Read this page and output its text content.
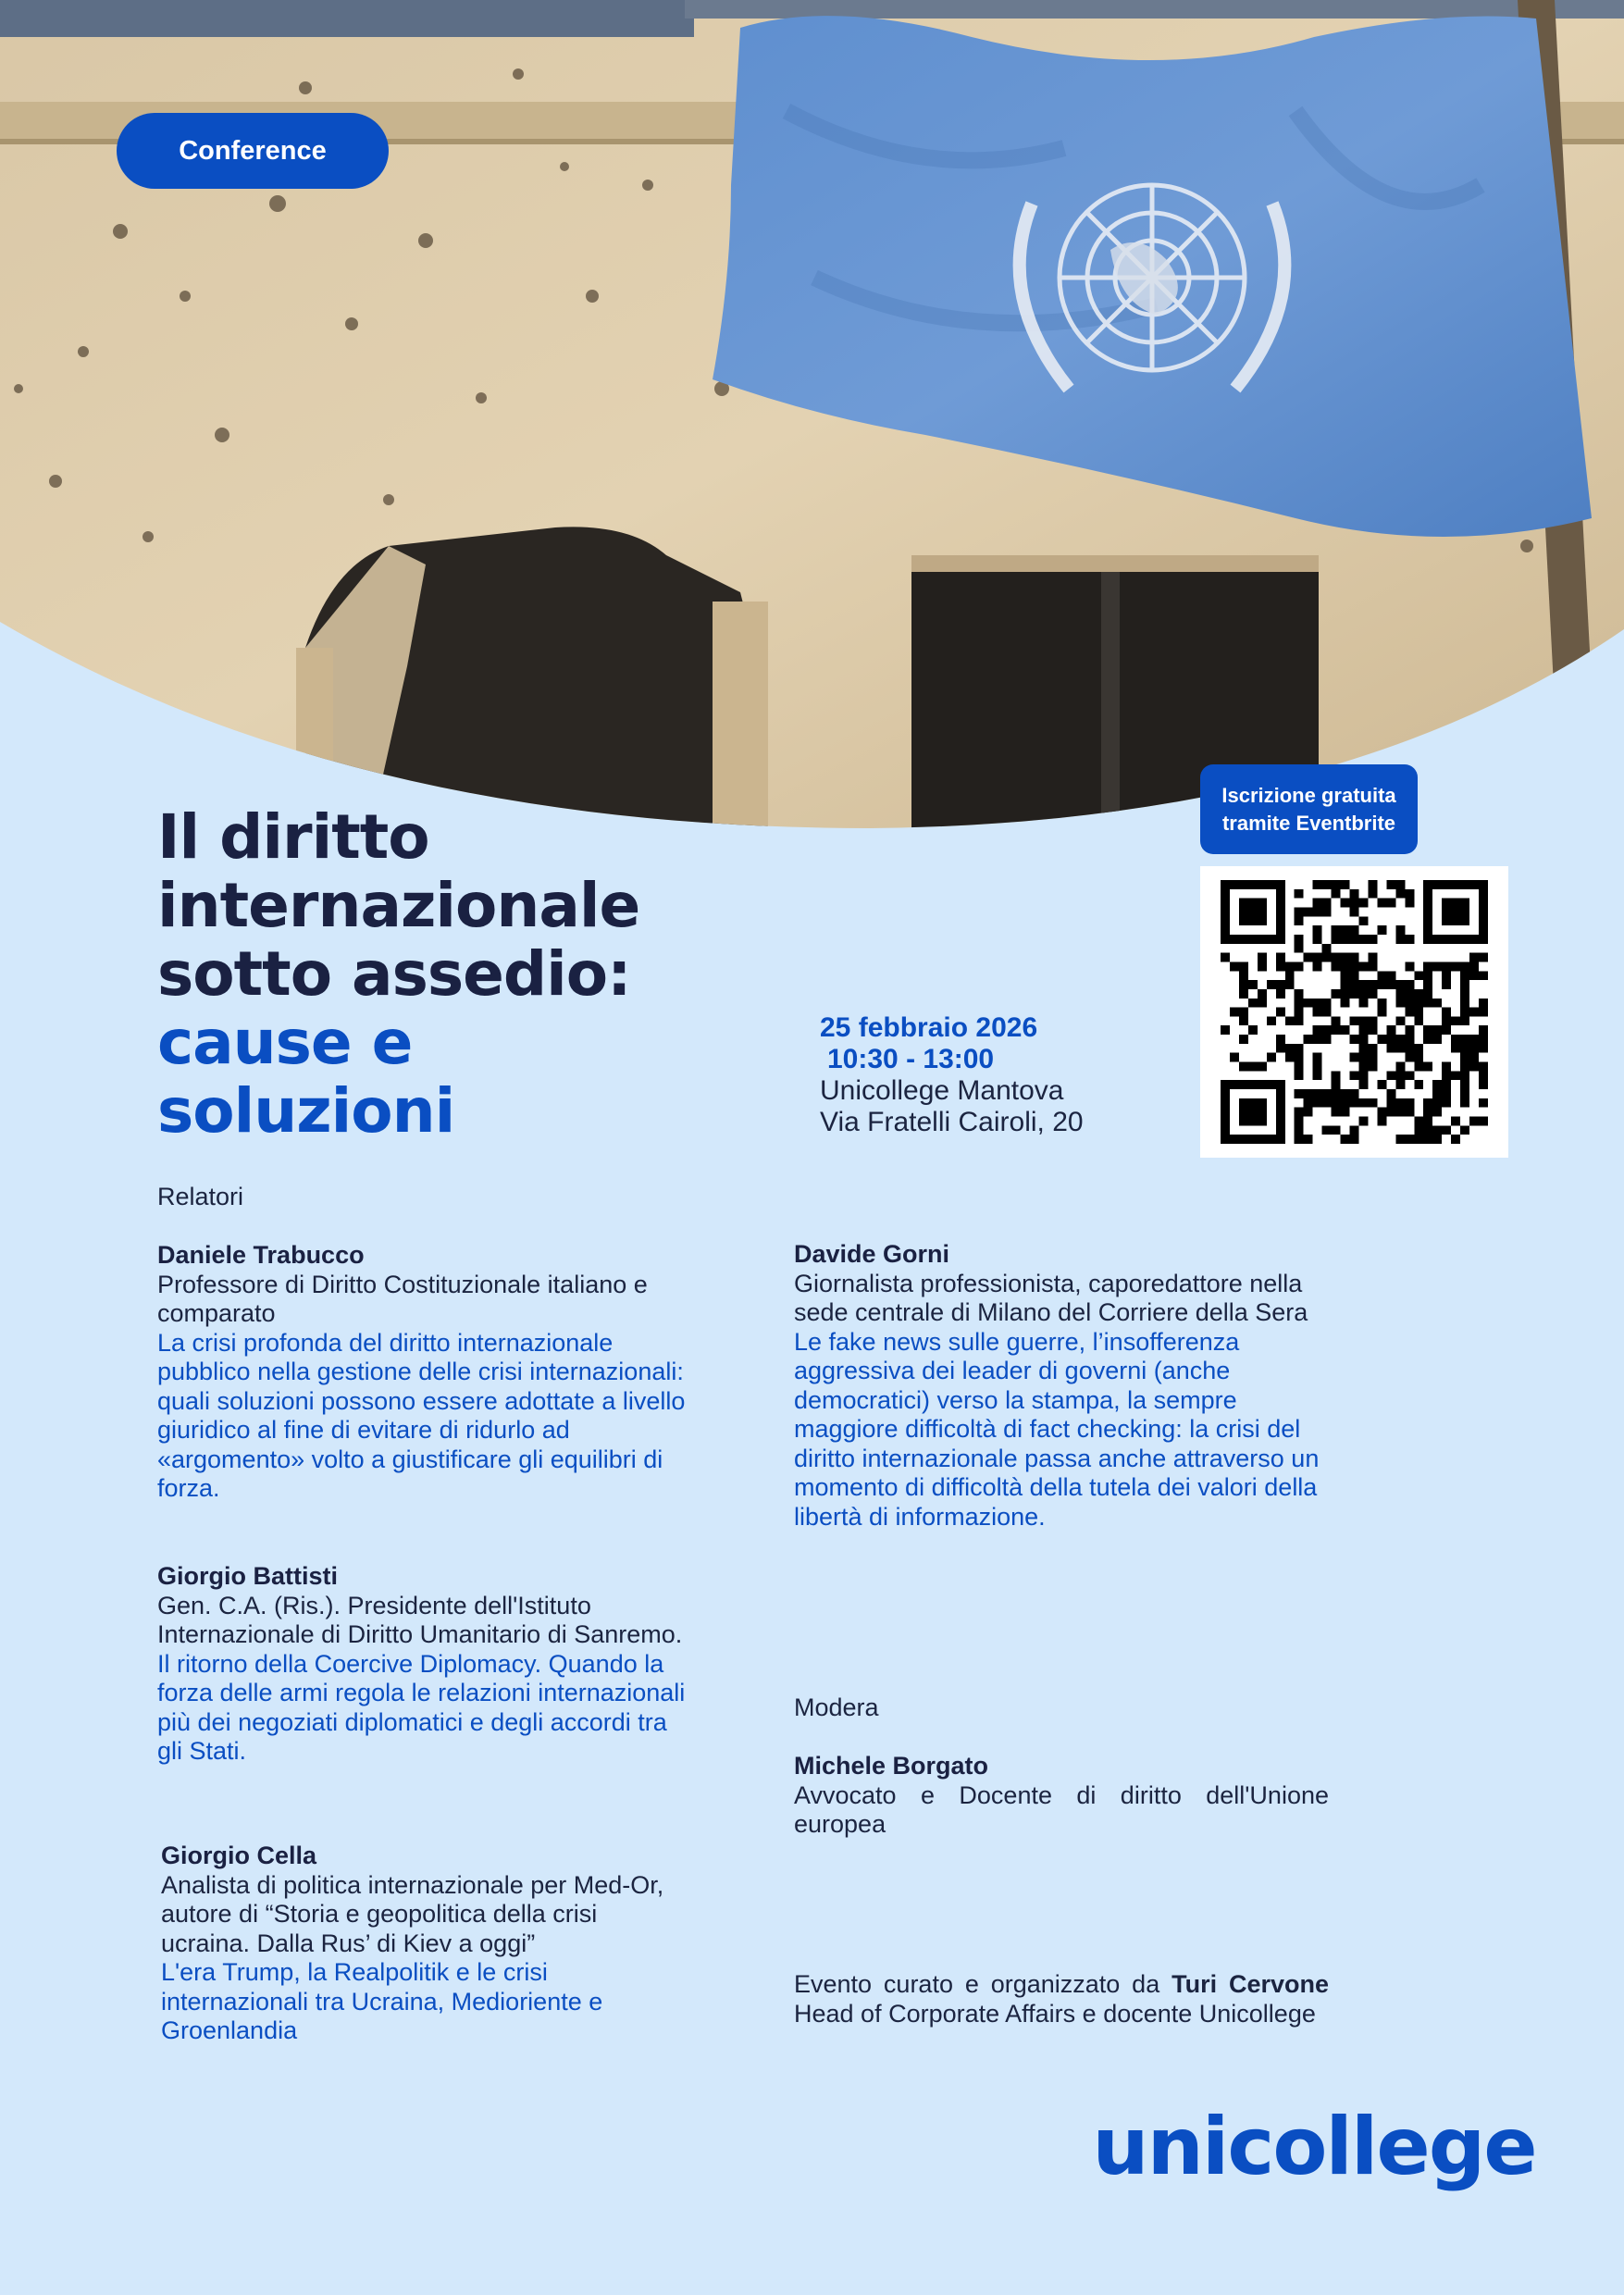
Conference
Il diritto
internazionale
sotto assedio:
cause e
soluzioni
25 febbraio 2026
10:30 - 13:00
Unicollege Mantova
Via Fratelli Cairoli, 20
Iscrizione gratuita
tramite Eventbrite
Relatori
Daniele Trabucco
Professore di Diritto Costituzionale italiano e comparato
La crisi profonda del diritto internazionale pubblico nella gestione delle crisi internazionali: quali soluzioni possono essere adottate a livello giuridico al fine di evitare di ridurlo ad «argomento» volto a giustificare gli equilibri di forza.
Giorgio Battisti
Gen. C.A. (Ris.). Presidente dell'Istituto Internazionale di Diritto Umanitario di Sanremo.
Il ritorno della Coercive Diplomacy. Quando la forza delle armi regola le relazioni internazionali più dei negoziati diplomatici e degli accordi tra gli Stati.
Giorgio Cella
Analista di politica internazionale per Med-Or, autore di “Storia e geopolitica della crisi ucraina. Dalla Rus’ di Kiev a oggi”
L'era Trump, la Realpolitik e le crisi internazionali tra Ucraina, Medioriente e Groenlandia
Davide Gorni
Giornalista professionista, caporedattore nella sede centrale di Milano del Corriere della Sera
Le fake news sulle guerre, l’insofferenza aggressiva dei leader di governi (anche democratici) verso la stampa, la sempre maggiore difficoltà di fact checking: la crisi del diritto internazionale passa anche attraverso un momento di difficoltà della tutela dei valori della libertà di informazione.
Modera
Michele Borgato
Avvocato e Docente di diritto dell'Unione europea
Evento curato e organizzato da Turi Cervone Head of Corporate Affairs e docente Unicollege
unicollege
